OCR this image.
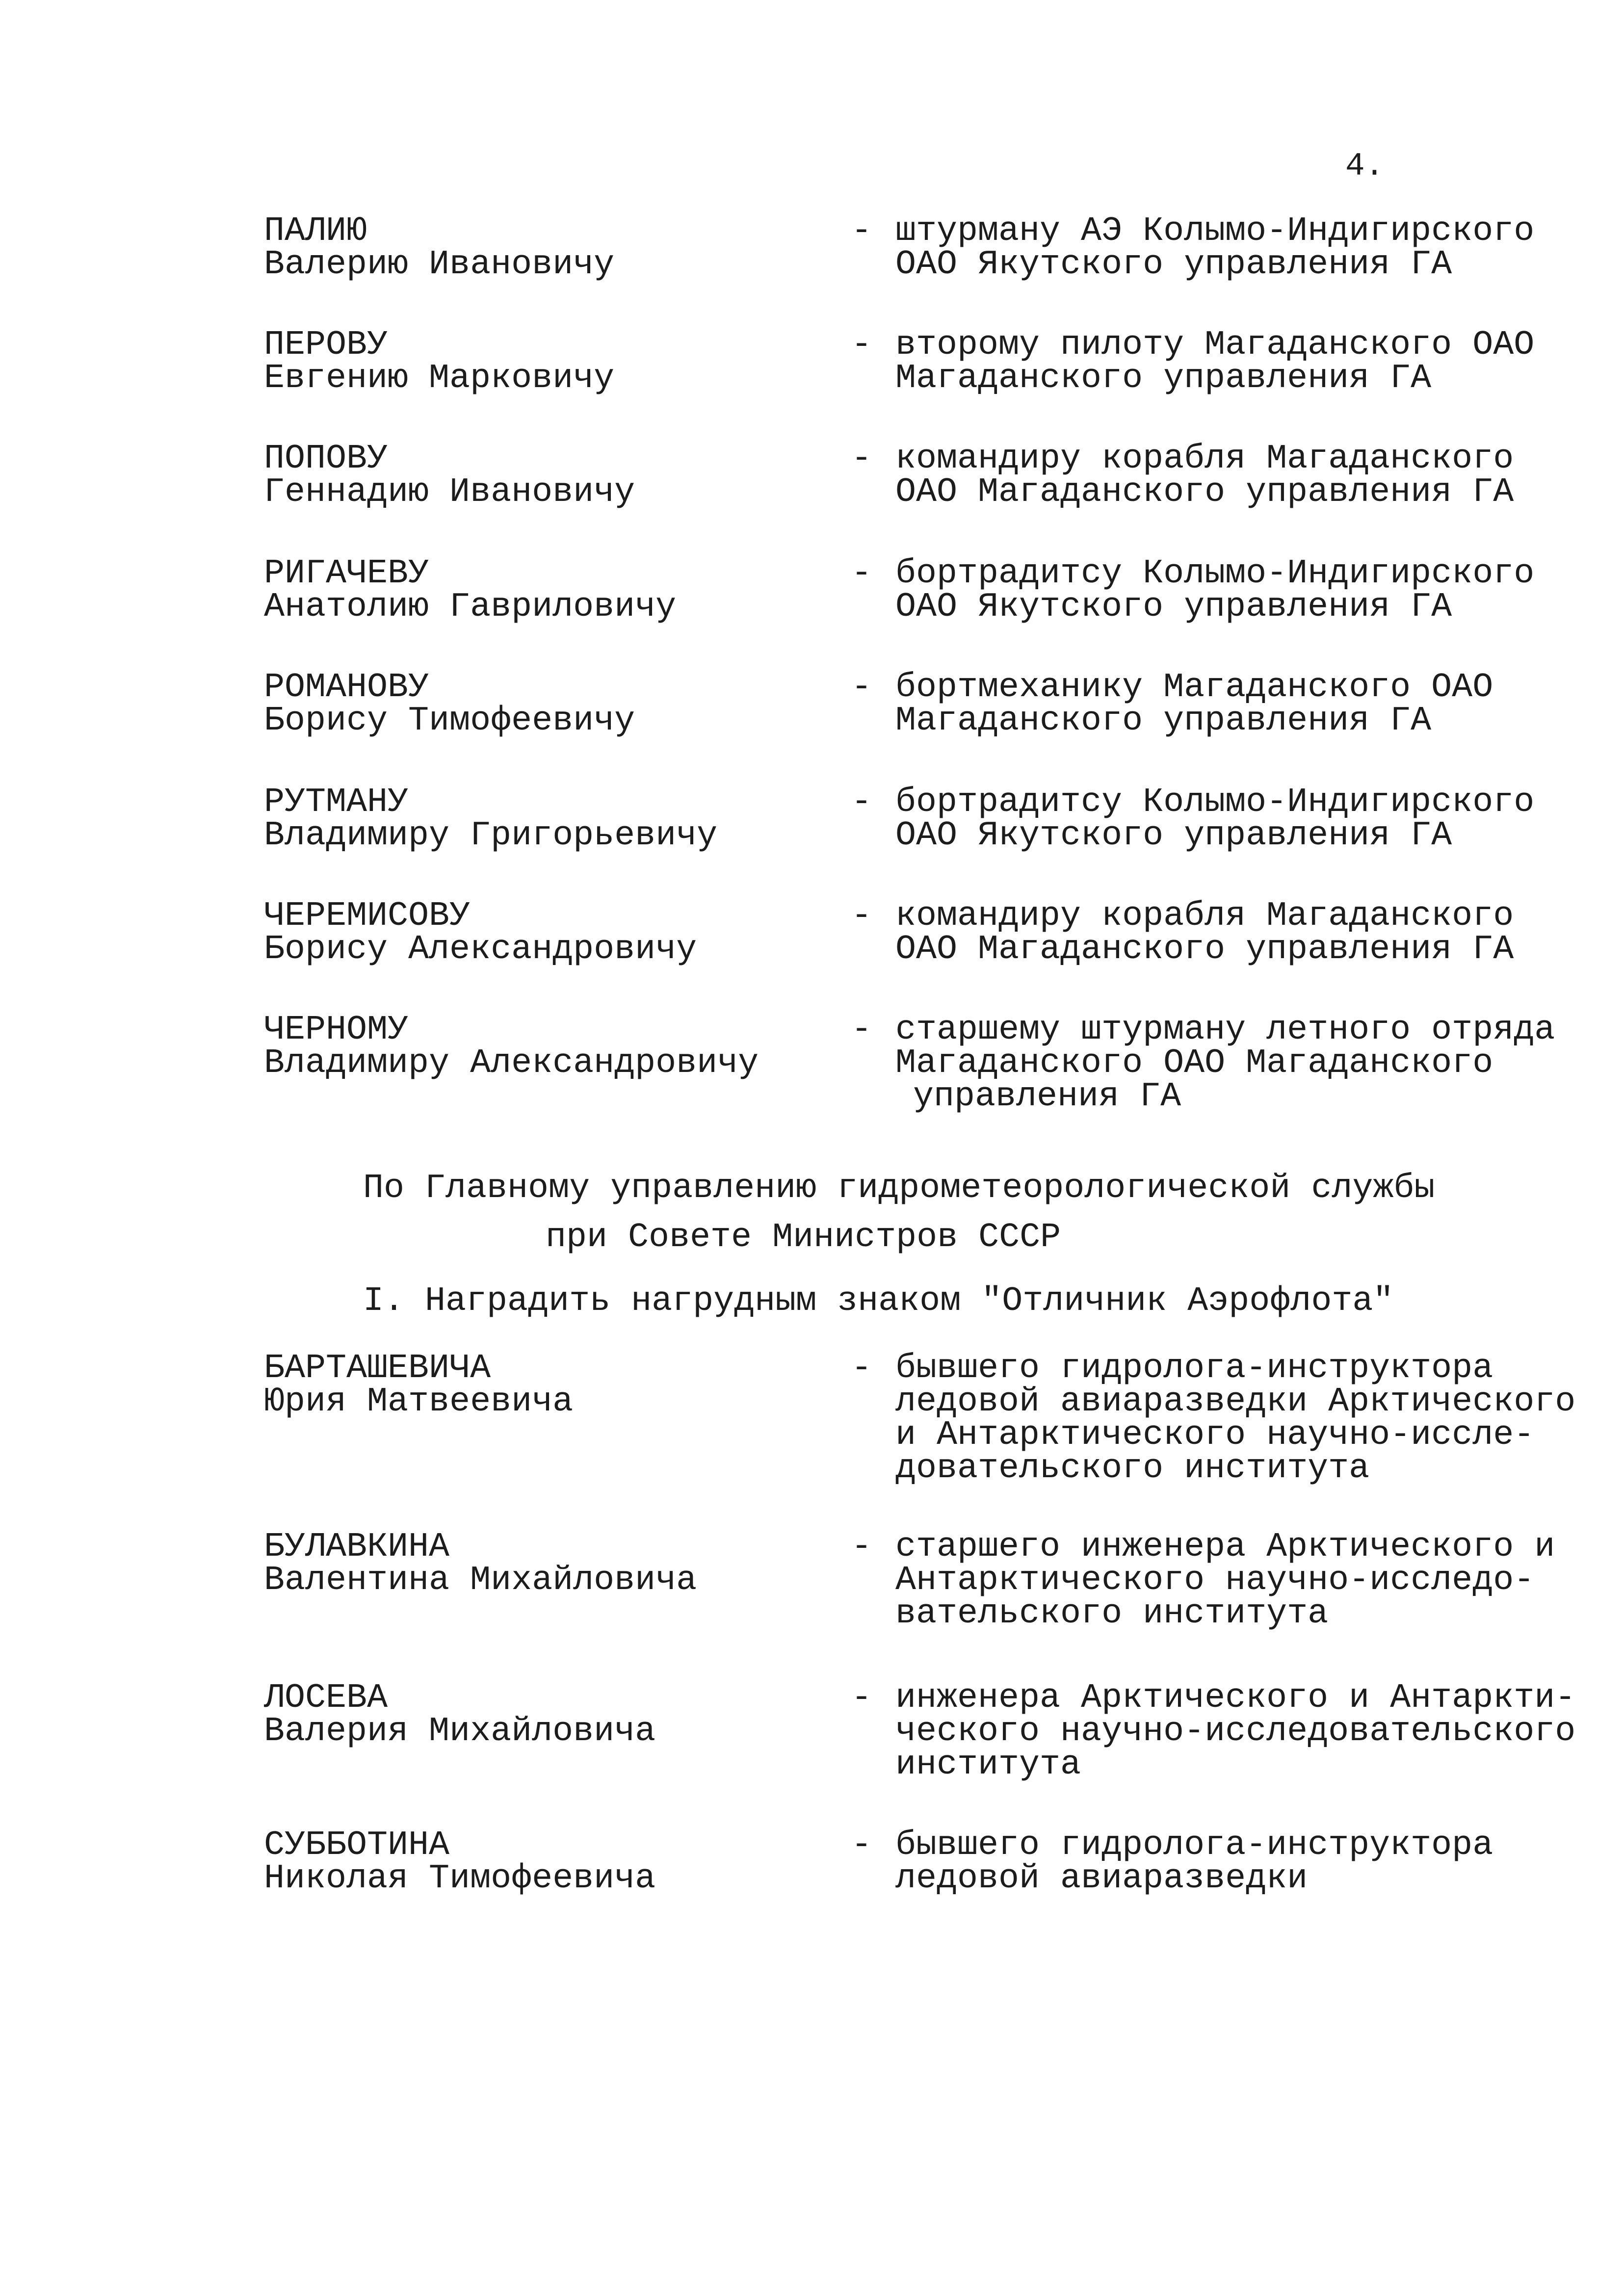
4.
ПАЛИЮ
Валерию Ивановичу
- штурману АЭ Колымо-Индигирского
ОАО Якутского управления ГА
ПЕРОВУ
Евгению Марковичу
- второму пилоту Магаданского ОАО
Магаданского управления ГА
ПОПОВУ
Геннадию Ивановичу
- командиру корабля Магаданского
ОАО Магаданского управления ГА
РИГАЧЕВУ
Анатолию Гавриловичу
- бортрадитсу Колымо-Индигирского
ОАО Якутского управления ГА
РОМАНОВУ
Борису Тимофеевичу
- бортмеханику Магаданского ОАО
Магаданского управления ГА
РУТМАНУ
Владимиру Григорьевичу
- бортрадитсу Колымо-Индигирского
ОАО Якутского управления ГА
ЧЕРЕМИСОВУ
Борису Александровичу
- командиру корабля Магаданского
ОАО Магаданского управления ГА
ЧЕРНОМУ
Владимиру Александровичу
- старшему штурману летного отряда
Магаданского ОАО Магаданского
управления ГА
По Главному управлению гидрометеорологической службы
при Совете Министров СССР
I. Наградить нагрудным знаком "Отличник Аэрофлота"
БАРТАШЕВИЧА
Юрия Матвеевича
- бывшего гидролога-инструктора
ледовой авиаразведки Арктического
и Антарктического научно-иссле-
довательского института
БУЛАВКИНА
Валентина Михайловича
- старшего инженера Арктического и
Антарктического научно-исследо-
вательского института
ЛОСЕВА
Валерия Михайловича
- инженера Арктического и Антаркти-
ческого научно-исследовательского
института
СУББОТИНА
Николая Тимофеевича
- бывшего гидролога-инструктора
ледовой авиаразведки
